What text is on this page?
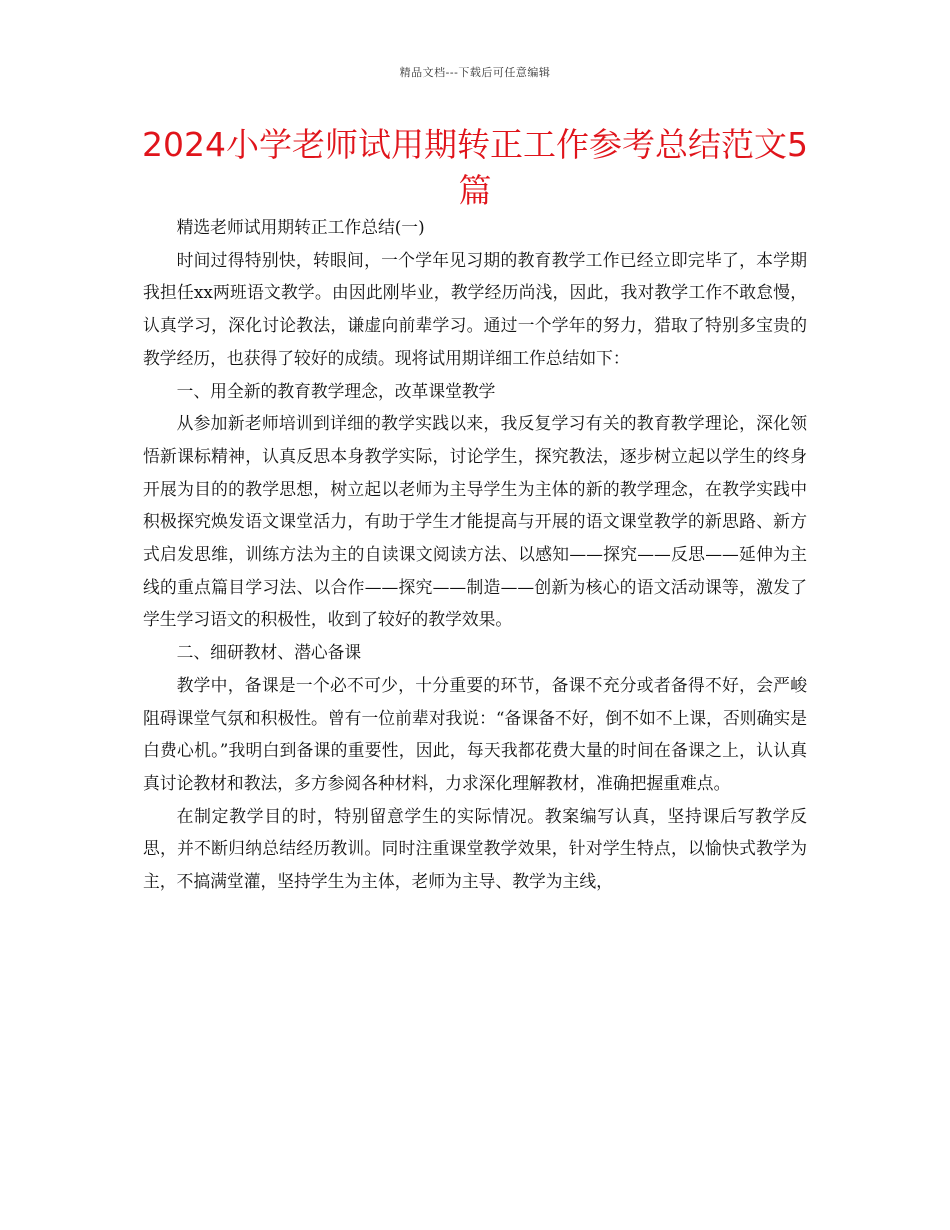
精品文档---下载后可任意编辑
2024小学老师试用期转正工作参考总结范文5篇

精选老师试用期转正工作总结(一)

时间过得特别快，转眼间，一个学年见习期的教育教学工作已经立即完毕了，本学期我担任xx两班语文教学。由因此刚毕业，教学经历尚浅，因此，我对教学工作不敢怠慢，认真学习，深化讨论教法，谦虚向前辈学习。通过一个学年的努力，猎取了特别多宝贵的教学经历，也获得了较好的成绩。现将试用期详细工作总结如下：

一、用全新的教育教学理念，改革课堂教学

从参加新老师培训到详细的教学实践以来，我反复学习有关的教育教学理论，深化领悟新课标精神，认真反思本身教学实际，讨论学生，探究教法，逐步树立起以学生的终身开展为目的的教学思想，树立起以老师为主导学生为主体的新的教学理念，在教学实践中积极探究焕发语文课堂活力，有助于学生才能提高与开展的语文课堂教学的新思路、新方式启发思维，训练方法为主的自读课文阅读方法、以感知——探究——反思——延伸为主线的重点篇目学习法、以合作——探究——制造——创新为核心的语文活动课等，激发了学生学习语文的积极性，收到了较好的教学效果。

二、细研教材、潜心备课

教学中，备课是一个必不可少，十分重要的环节，备课不充分或者备得不好，会严峻阻碍课堂气氛和积极性。曾有一位前辈对我说：“备课备不好，倒不如不上课，否则确实是白费心机。”我明白到备课的重要性，因此，每天我都花费大量的时间在备课之上，认认真真讨论教材和教法，多方参阅各种材料，力求深化理解教材，准确把握重难点。

在制定教学目的时，特别留意学生的实际情况。教案编写认真，坚持课后写教学反思，并不断归纳总结经历教训。同时注重课堂教学效果，针对学生特点，以愉快式教学为主，不搞满堂灌，坚持学生为主体，老师为主导、教学为主线，
